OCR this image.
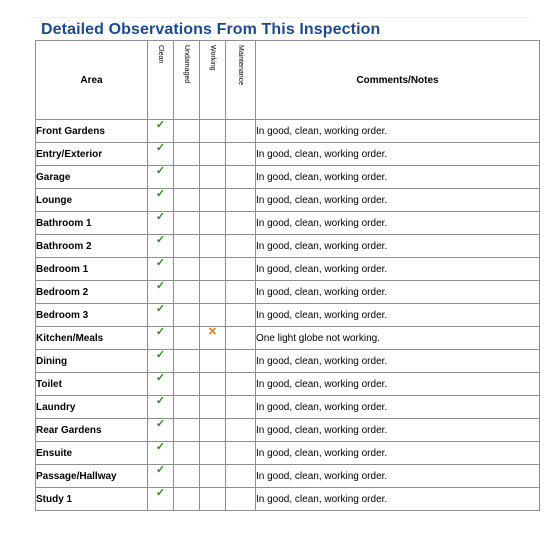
Detailed Observations From This Inspection
Area	Clean	Undamaged	Working	Maintenance	Comments/Notes
Front Gardens	✓				In good, clean, working order.
Entry/Exterior	✓				In good, clean, working order.
Garage	✓				In good, clean, working order.
Lounge	✓				In good, clean, working order.
Bathroom 1	✓				In good, clean, working order.
Bathroom 2	✓				In good, clean, working order.
Bedroom 1	✓				In good, clean, working order.
Bedroom 2	✓				In good, clean, working order.
Bedroom 3	✓				In good, clean, working order.
Kitchen/Meals	✓		✕		One light globe not working.
Dining	✓				In good, clean, working order.
Toilet	✓				In good, clean, working order.
Laundry	✓				In good, clean, working order.
Rear Gardens	✓				In good, clean, working order.
Ensuite	✓				In good, clean, working order.
Passage/Hallway	✓				In good, clean, working order.
Study 1	✓				In good, clean, working order.
